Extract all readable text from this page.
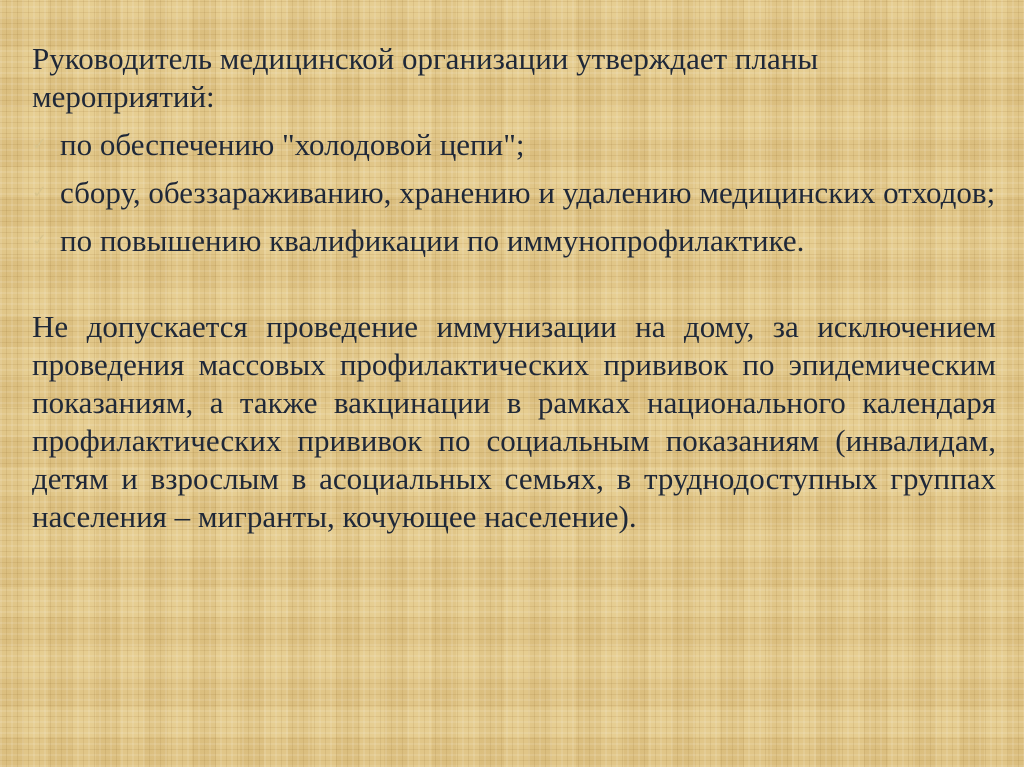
Руководитель медицинской организации утверждает планы мероприятий:

✓ по обеспечению "холодовой цепи";
✓ сбору, обеззараживанию, хранению и удалению медицинских отходов;
✓ по повышению квалификации по иммунопрофилактике.

Не допускается проведение иммунизации на дому, за исключением проведения массовых профилактических прививок по эпидемическим показаниям, а также вакцинации в рамках национального календаря профилактических прививок по социальным показаниям (инвалидам, детям и взрослым в асоциальных семьях, в труднодоступных группах населения – мигранты, кочующее население).
